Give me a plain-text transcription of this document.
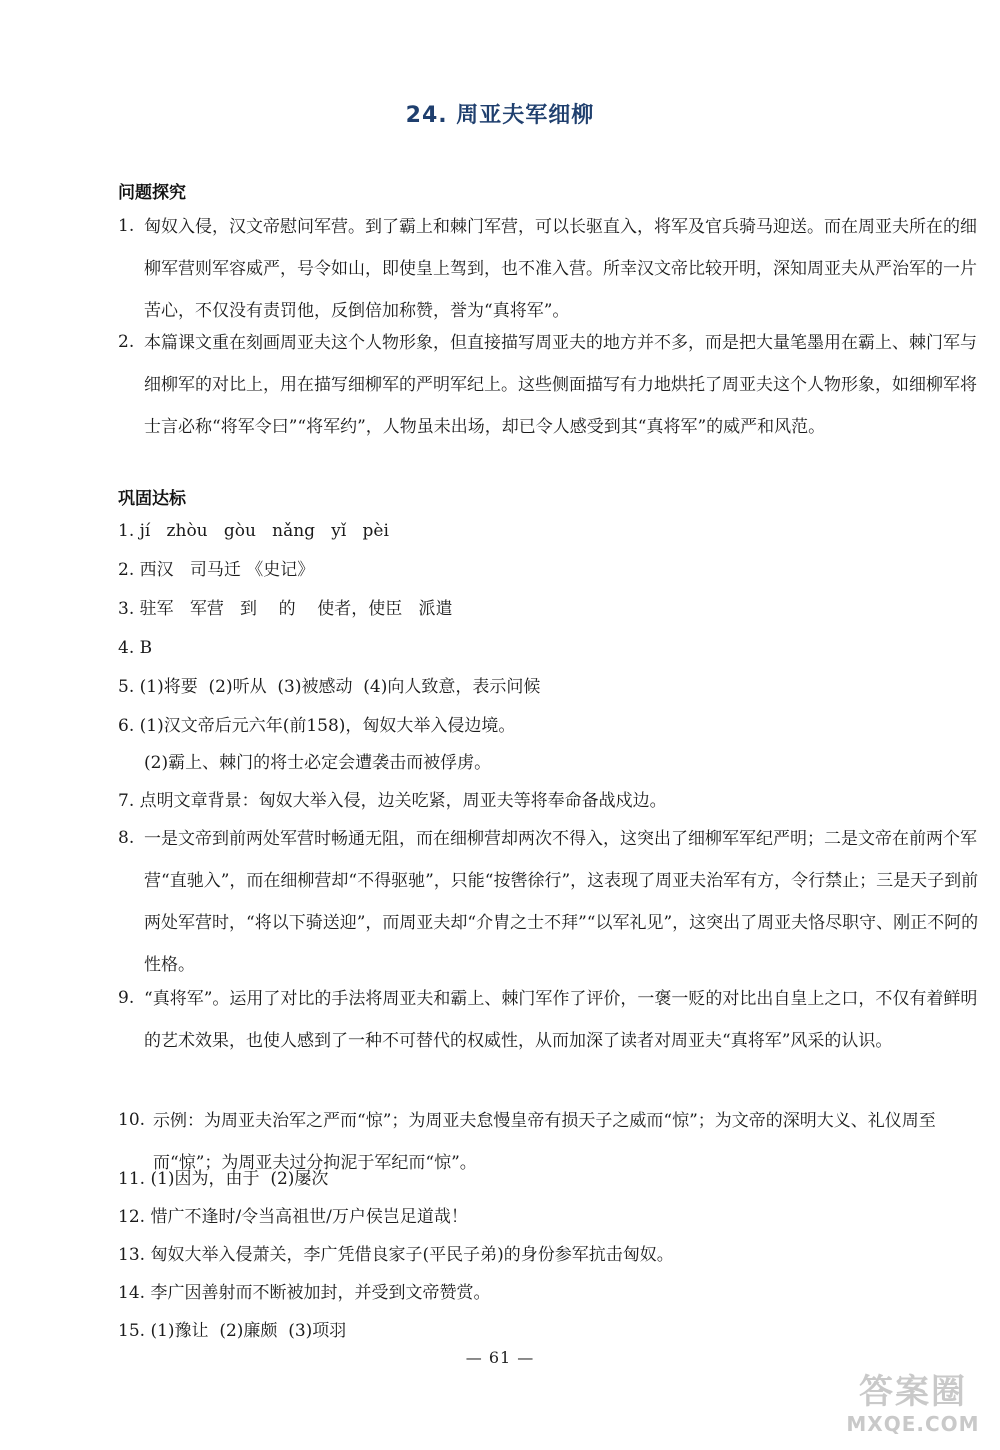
24. 周亚夫军细柳
问题探究
1. 匈奴入侵，汉文帝慰问军营。到了霸上和棘门军营，可以长驱直入，将军及官兵骑马迎送。而在周亚夫所在的细柳军营则军容威严，号令如山，即使皇上驾到，也不准入营。所幸汉文帝比较开明，深知周亚夫从严治军的一片苦心，不仅没有责罚他，反倒倍加称赞，誉为“真将军”。
2. 本篇课文重在刻画周亚夫这个人物形象，但直接描写周亚夫的地方并不多，而是把大量笔墨用在霸上、棘门军与细柳军的对比上，用在描写细柳军的严明军纪上。这些侧面描写有力地烘托了周亚夫这个人物形象，如细柳军将士言必称“将军令曰”“将军约”，人物虽未出场，却已令人感受到其“真将军”的威严和风范。
巩固达标
1. jí   zhòu   gòu   nǎng   yǐ   pèi
2. 西汉   司马迁 《史记》
3. 驻军   军营   到    的    使者，使臣   派遣
4. B
5. (1)将要  (2)听从  (3)被感动  (4)向人致意，表示问候
6. (1)汉文帝后元六年(前158)，匈奴大举入侵边境。
(2)霸上、棘门的将士必定会遭袭击而被俘虏。
7. 点明文章背景：匈奴大举入侵，边关吃紧，周亚夫等将奉命备战戍边。
8. 一是文帝到前两处军营时畅通无阻，而在细柳营却两次不得入，这突出了细柳军军纪严明；二是文帝在前两个军营“直驰入”，而在细柳营却“不得驱驰”，只能“按辔徐行”，这表现了周亚夫治军有方，令行禁止；三是天子到前两处军营时，“将以下骑送迎”，而周亚夫却“介胄之士不拜”“以军礼见”，这突出了周亚夫恪尽职守、刚正不阿的性格。
9. “真将军”。运用了对比的手法将周亚夫和霸上、棘门军作了评价，一褒一贬的对比出自皇上之口，不仅有着鲜明的艺术效果，也使人感到了一种不可替代的权威性，从而加深了读者对周亚夫“真将军”风采的认识。
10. 示例：为周亚夫治军之严而“惊”；为周亚夫怠慢皇帝有损天子之威而“惊”；为文帝的深明大义、礼仪周至而“惊”；为周亚夫过分拘泥于军纪而“惊”。
11. (1)因为，由于  (2)屡次
12. 惜广不逢时/令当高祖世/万户侯岂足道哉！
13. 匈奴大举入侵萧关，李广凭借良家子(平民子弟)的身份参军抗击匈奴。
14. 李广因善射而不断被加封，并受到文帝赞赏。
15. (1)豫让  (2)廉颇  (3)项羽
— 61 —
答案圈
MXQE.COM
